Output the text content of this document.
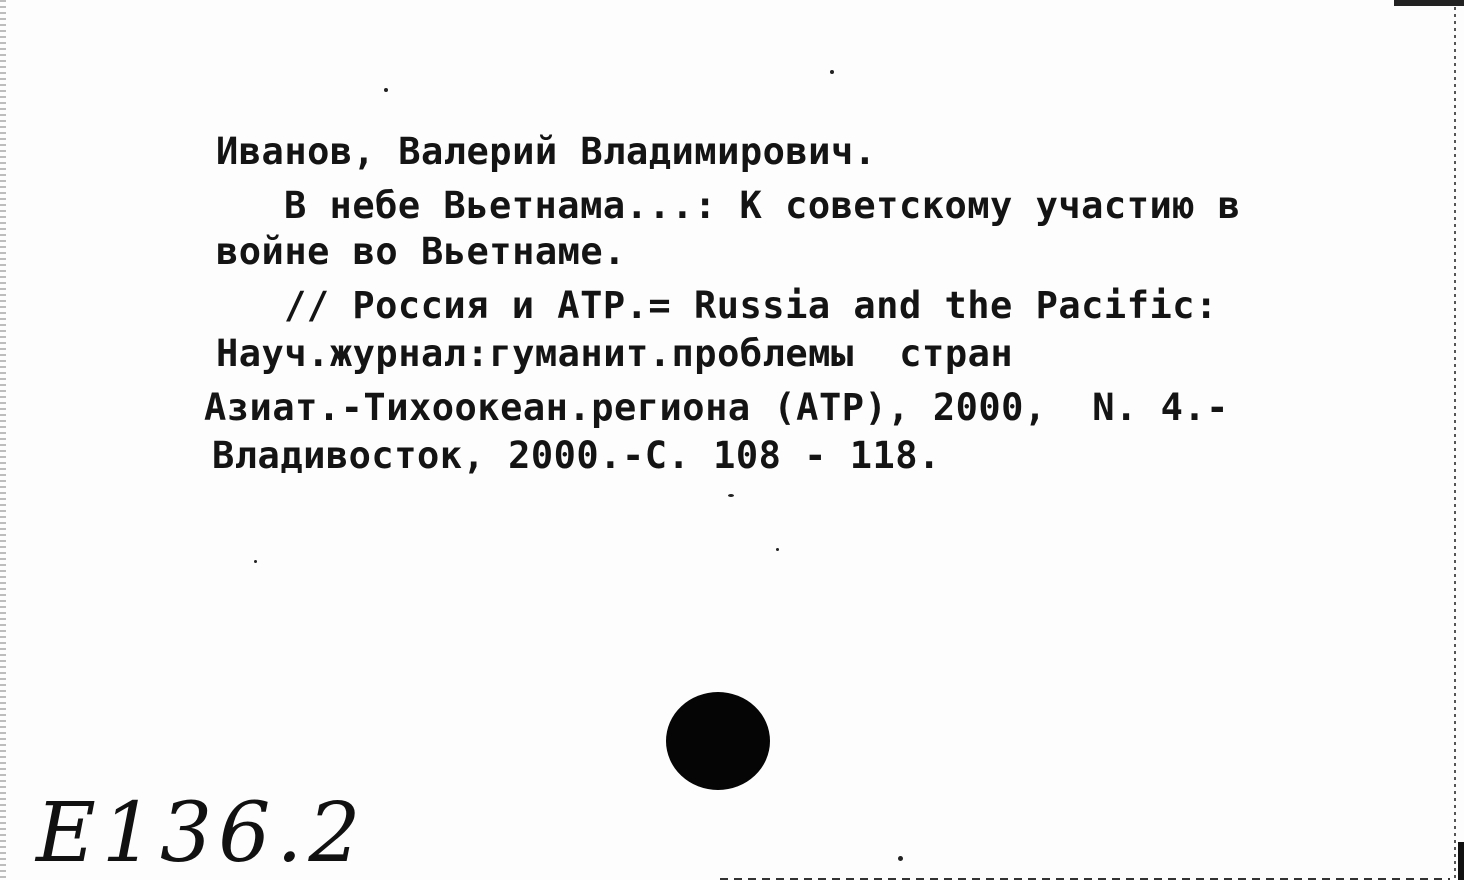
Иванов, Валерий Владимирович.

В небе Вьетнама...: К советскому участию в

войне во Вьетнаме.

// Россия и АТР.= Russia and the Pacific:

Науч.журнал:гуманит.проблемы  стран

Азиат.-Тихоокеан.региона (АТР), 2000,  N. 4.-

Владивосток, 2000.-С. 108 - 118.

Е136.2
